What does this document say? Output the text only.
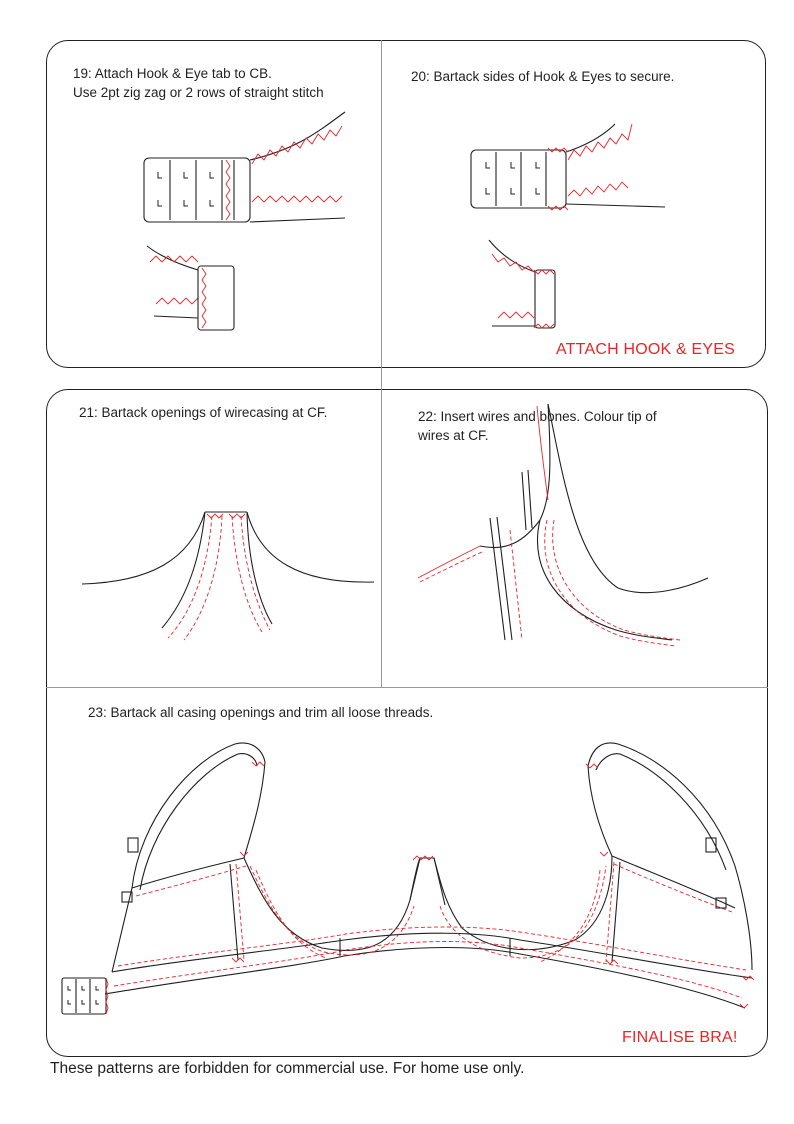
19: Attach Hook & Eye tab to CB.
Use 2pt zig zag or 2 rows of straight stitch
20: Bartack sides of Hook & Eyes to secure.
ATTACH HOOK & EYES
21: Bartack openings of wirecasing at CF.	22: Insert wires and bones. Colour tip of
wires at CF.
23: Bartack all casing openings and trim all loose threads.
FINALISE BRA!
These patterns are forbidden for commercial use. For home use only.
